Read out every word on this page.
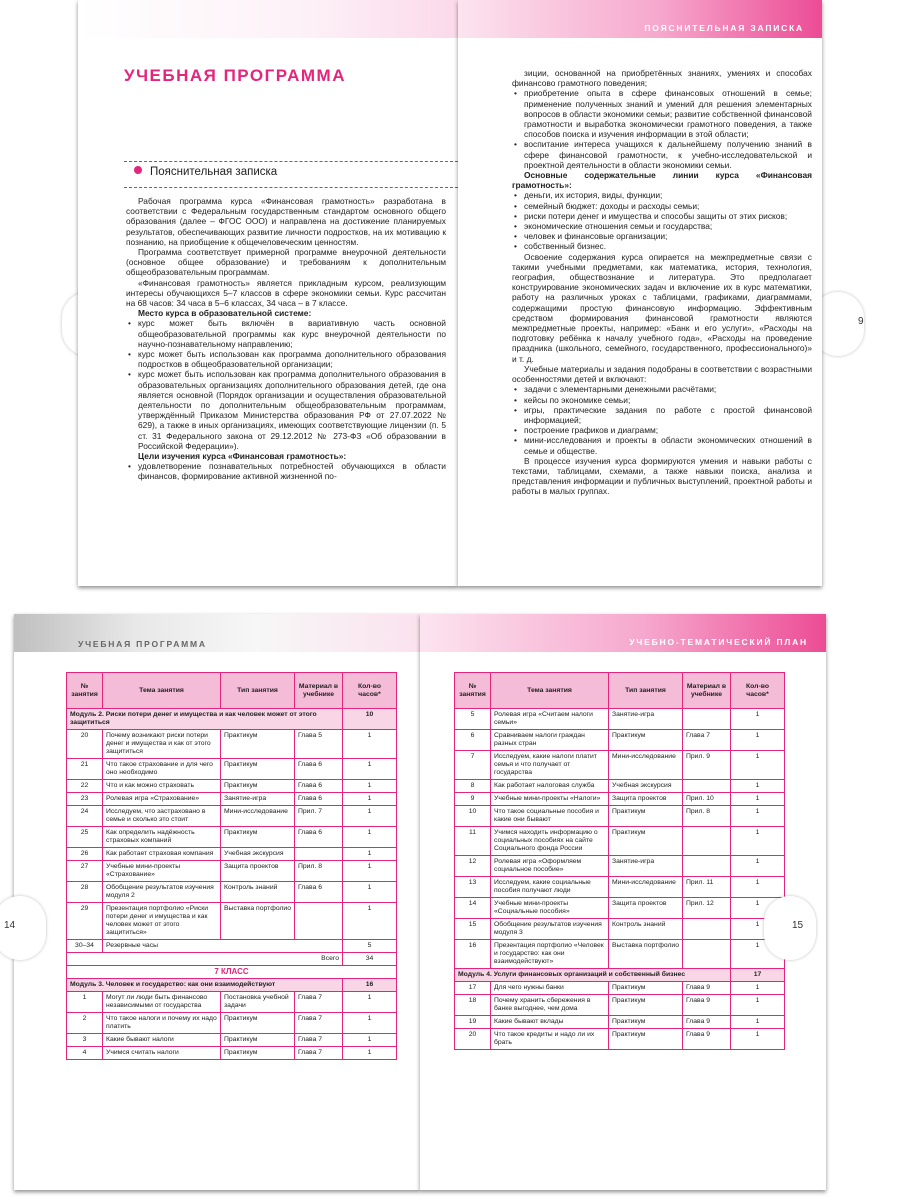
9
УЧЕБНАЯ ПРОГРАММА
Пояснительная записка

Рабочая программа курса «Финансовая грамотность» разработана в соответствии с Федеральным государственным стандартом основного общего образования (далее – ФГОС ООО) и направлена на достижение планируемых результатов, обеспечивающих развитие личности подростков, на их мотивацию к познанию, на приобщение к общечеловеческим ценностям.

Программа соответствует примерной программе внеурочной деятельности (основное общее образование) и требованиям к дополнительным общеобразовательным программам.

«Финансовая грамотность» является прикладным курсом, реализующим интересы обучающихся 5–7 классов в сфере экономики семьи. Курс рассчитан на 68 часов: 34 часа в 5–6 классах, 34 часа – в 7 классе.

Место курса в образовательной системе:

• курс может быть включён в вариативную часть основной общеобразовательной программы как курс внеурочной деятельности по научно-познавательному направлению;
• курс может быть использован как программа дополнительного образования подростков в общеобразовательной организации;
• курс может быть использован как программа дополнительного образования в образовательных организациях дополнительного образования детей, где она является основной (Порядок организации и осуществления образовательной деятельности по дополнительным общеобразовательным программам, утверждённый Приказом Министерства образования РФ от 27.07.2022 № 629), а также в иных организациях, имеющих соответствующие лицензии (п. 5 ст. 31 Федерального закона от 29.12.2012 № 273-ФЗ «Об образовании в Российской Федерации»).

Цели изучения курса «Финансовая грамотность»:

• удовлетворение познавательных потребностей обучающихся в области финансов, формирование активной жизненной по-
ПОЯСНИТЕЛЬНАЯ ЗАПИСКА

зиции, основанной на приобретённых знаниях, умениях и способах финансово грамотного поведения;

• приобретение опыта в сфере финансовых отношений в семье; применение полученных знаний и умений для решения элементарных вопросов в области экономики семьи; развитие собственной финансовой грамотности и выработка экономически грамотного поведения, а также способов поиска и изучения информации в этой области;
• воспитание интереса учащихся к дальнейшему получению знаний в сфере финансовой грамотности, к учебно-исследовательской и проектной деятельности в области экономики семьи.

Основные содержательные линии курса «Финансовая грамотность»:

• деньги, их история, виды, функции;
• семейный бюджет: доходы и расходы семьи;
• риски потери денег и имущества и способы защиты от этих рисков;
• экономические отношения семьи и государства;
• человек и финансовые организации;
• собственный бизнес.

Освоение содержания курса опирается на межпредметные связи с такими учебными предметами, как математика, история, технология, география, обществознание и литература. Это предполагает конструирование экономических задач и включение их в курс математики, работу на различных уроках с таблицами, графиками, диаграммами, содержащими простую финансовую информацию. Эффективным средством формирования финансовой грамотности являются межпредметные проекты, например: «Банк и его услуги», «Расходы на подготовку ребёнка к началу учебного года», «Расходы на проведение праздника (школьного, семейного, государственного, профессионального)» и т. д.

Учебные материалы и задания подобраны в соответствии с возрастными особенностями детей и включают:

• задачи с элементарными денежными расчётами;
• кейсы по экономике семьи;
• игры, практические задания по работе с простой финансовой информацией;
• построение графиков и диаграмм;
• мини-исследования и проекты в области экономических отношений в семье и обществе.

В процессе изучения курса формируются умения и навыки работы с текстами, таблицами, схемами, а также навыки поиска, анализа и представления информации и публичных выступлений, проектной работы и работы в малых группах.

УЧЕБНАЯ ПРОГРАММА
№ занятия	Тема занятия	Тип занятия	Материал в учебнике	Кол-во часов*
Модуль 2. Риски потери денег и имущества и как человек может от этого защититься				10
20	Почему возникают риски потери денег и имущества и как от этого защититься	Практикум	Глава 5	1
21	Что такое страхование и для чего оно необходимо	Практикум	Глава 6	1
22	Что и как можно страховать	Практикум	Глава 6	1
23	Ролевая игра «Страхование»	Занятие-игра	Глава 6	1
24	Исследуем, что застраховано в семье и сколько это стоит	Мини-исследование	Прил. 7	1
25	Как определить надёжность страховых компаний	Практикум	Глава 6	1
26	Как работает страховая компания	Учебная экскурсия		1
27	Учебные мини-проекты «Страхование»	Защита проектов	Прил. 8	1
28	Обобщение результатов изучения модуля 2	Контроль знаний	Глава 6	1
29	Презентация портфолио «Риски потери денег и имущества и как человек может от этого защититься»	Выставка портфолио		1
30–34	Резервные часы			5
Всего				34
7 КЛАСС				
Модуль 3. Человек и государство: как они взаимодействуют				16
1	Могут ли люди быть финансово независимыми от государства	Постановка учебной задачи	Глава 7	1
2	Что такое налоги и почему их надо платить	Практикум	Глава 7	1
3	Какие бывают налоги	Практикум	Глава 7	1
4	Учимся считать налоги	Практикум	Глава 7	1
УЧЕБНО-ТЕМАТИЧЕСКИЙ ПЛАН
№ занятия	Тема занятия	Тип занятия	Материал в учебнике	Кол-во часов*
5	Ролевая игра «Считаем налоги семьи»	Занятие-игра		1
6	Сравниваем налоги граждан разных стран	Практикум	Глава 7	1
7	Исследуем, какие налоги платит семья и что получает от государства	Мини-исследование	Прил. 9	1
8	Как работает налоговая служба	Учебная экскурсия		1
9	Учебные мини-проекты «Налоги»	Защита проектов	Прил. 10	1
10	Что такое социальные пособия и какие они бывают	Практикум	Прил. 8	1
11	Учимся находить информацию о социальных пособиях на сайте Социального фонда России	Практикум		1
12	Ролевая игра «Оформляем социальное пособие»	Занятие-игра		1
13	Исследуем, какие социальные пособия получают люди	Мини-исследование	Прил. 11	1
14	Учебные мини-проекты «Социальные пособия»	Защита проектов	Прил. 12	1
15	Обобщение результатов изучения модуля 3	Контроль знаний		1
16	Презентация портфолио «Человек и государство: как они взаимодействуют»	Выставка портфолио		1
Модуль 4. Услуги финансовых организаций и собственный бизнес				17
17	Для чего нужны банки	Практикум	Глава 9	1
18	Почему хранить сбережения в банке выгоднее, чем дома	Практикум	Глава 9	1
19	Какие бывают вклады	Практикум	Глава 9	1
20	Что такое кредиты и надо ли их брать	Практикум	Глава 9	1
14	15
